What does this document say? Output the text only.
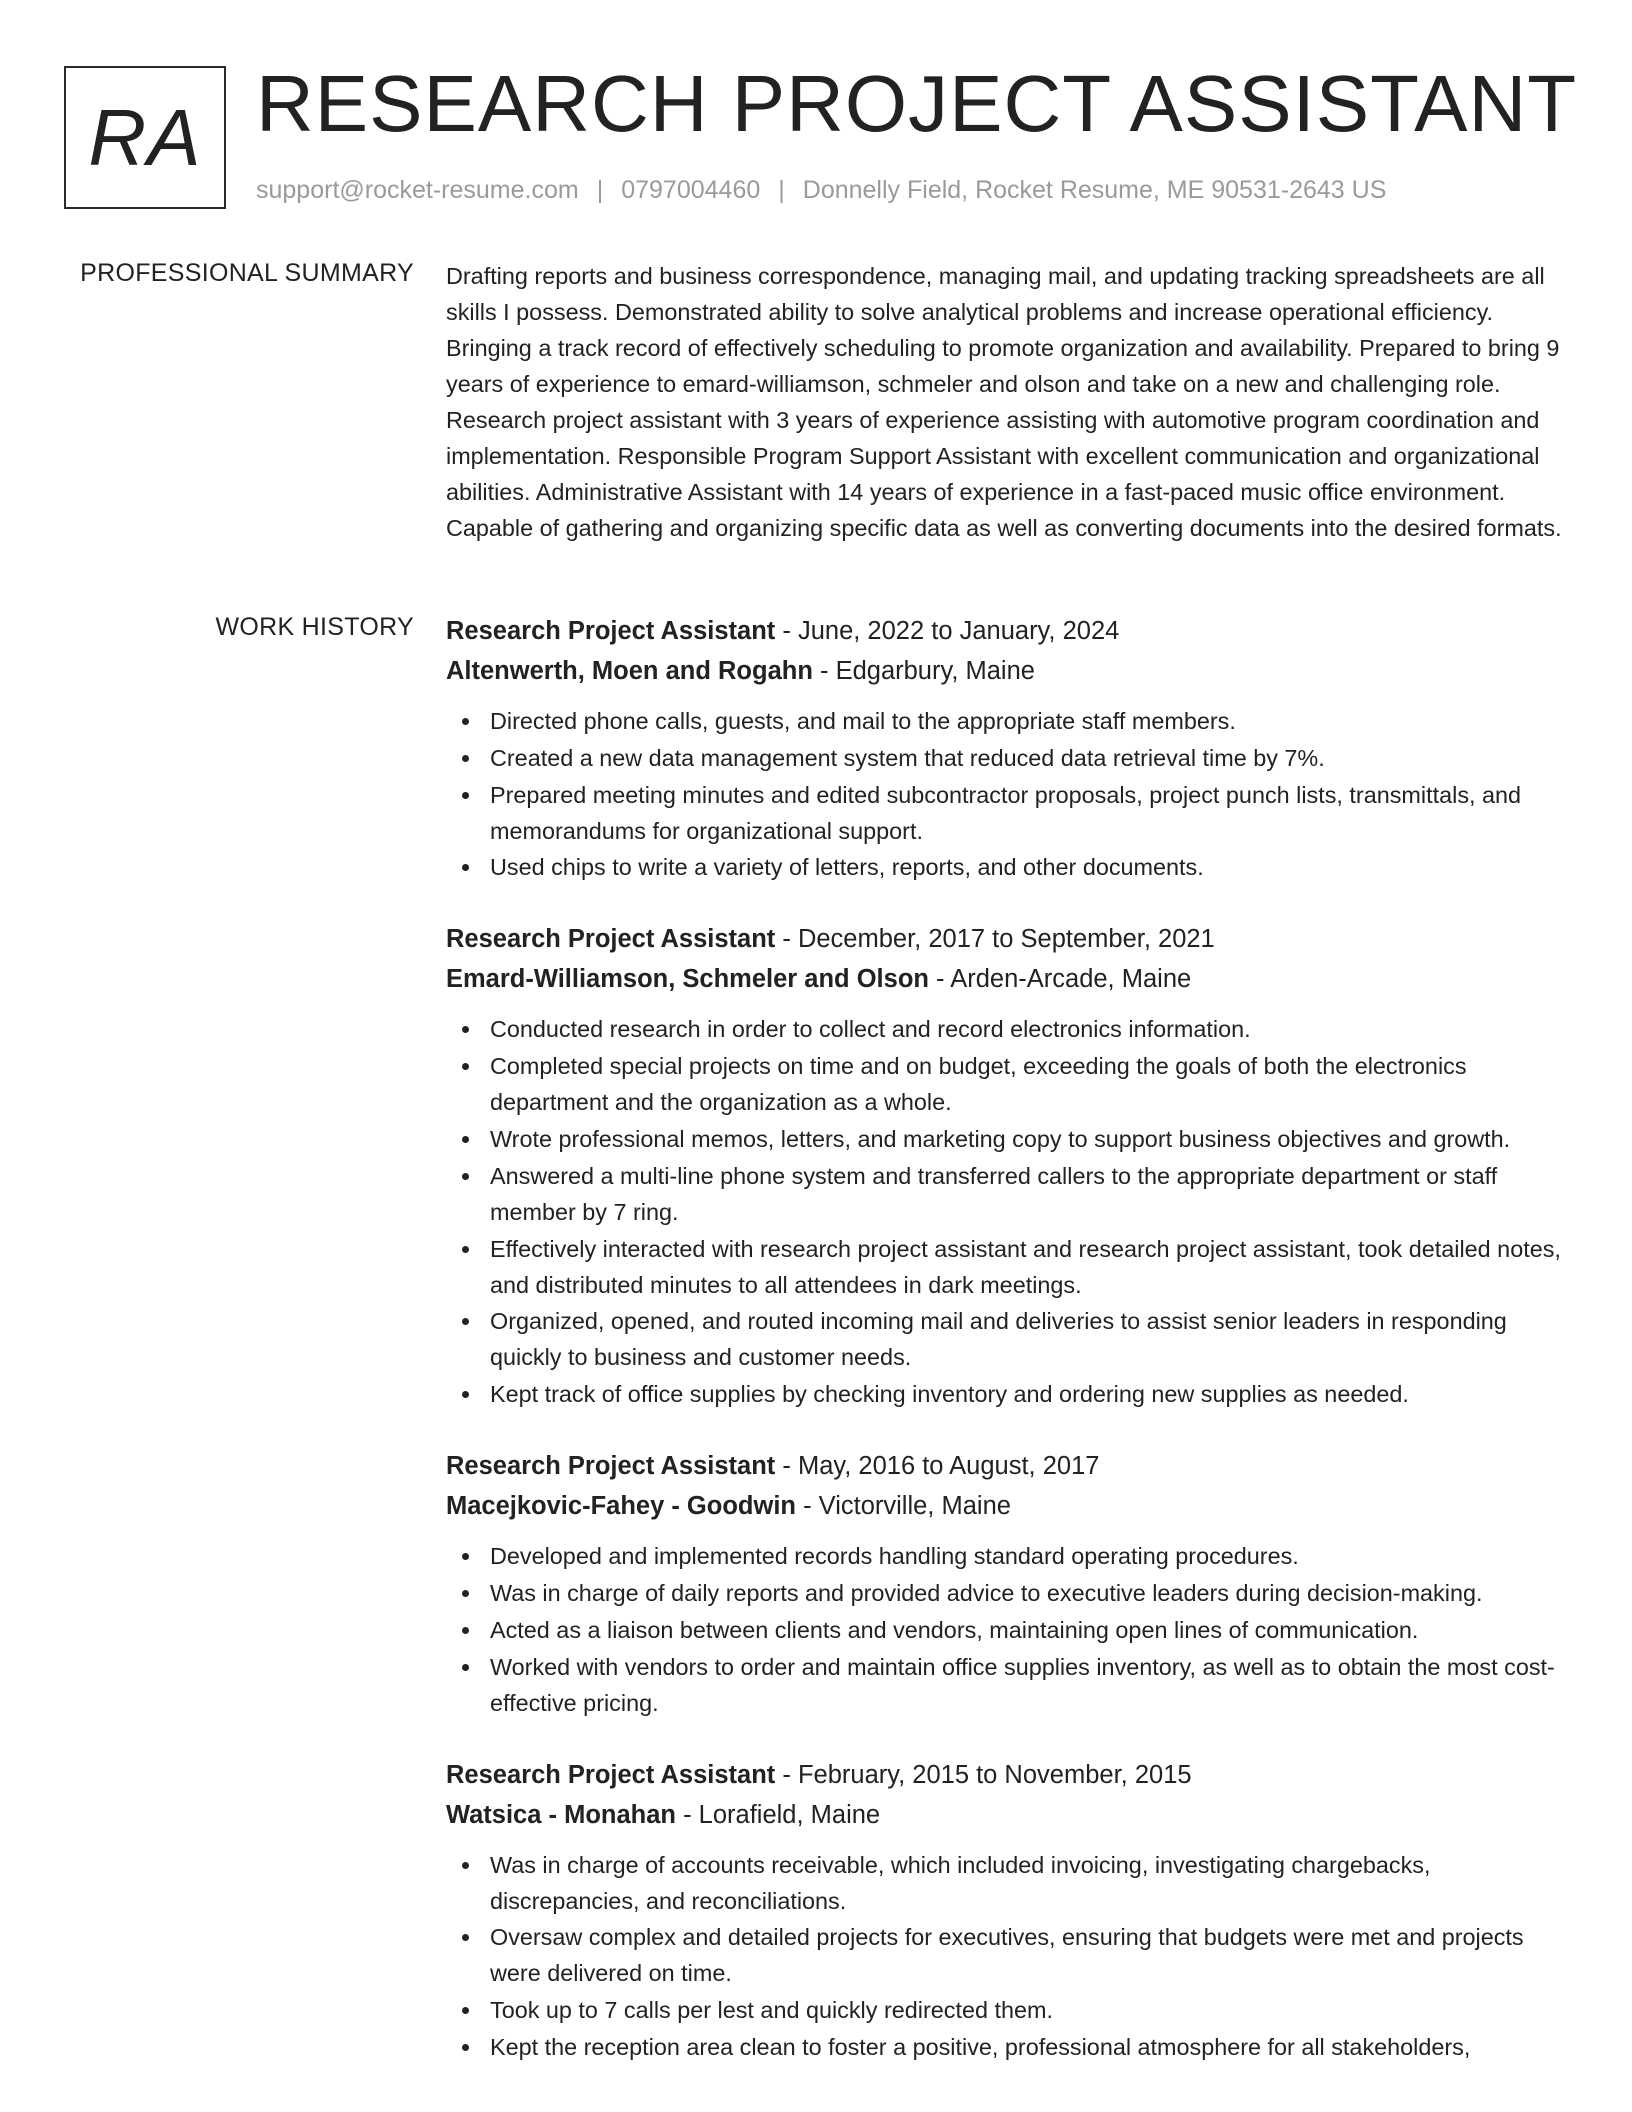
RA RESEARCH PROJECT ASSISTANT
support@rocket-resume.com | 0797004460 | Donnelly Field, Rocket Resume, ME 90531-2643 US
PROFESSIONAL SUMMARY Drafting reports and business correspondence, managing mail, and updating tracking spreadsheets are all skills I possess. Demonstrated ability to solve analytical problems and increase operational efficiency. Bringing a track record of effectively scheduling to promote organization and availability. Prepared to bring 9 years of experience to emard-williamson, schmeler and olson and take on a new and challenging role. Research project assistant with 3 years of experience assisting with automotive program coordination and implementation. Responsible Program Support Assistant with excellent communication and organizational abilities. Administrative Assistant with 14 years of experience in a fast-paced music office environment. Capable of gathering and organizing specific data as well as converting documents into the desired formats.
WORK HISTORY Research Project Assistant - June, 2022 to January, 2024
Altenwerth, Moen and Rogahn - Edgarbury, Maine
Directed phone calls, guests, and mail to the appropriate staff members.
Created a new data management system that reduced data retrieval time by 7%.
Prepared meeting minutes and edited subcontractor proposals, project punch lists, transmittals, and memorandums for organizational support.
Used chips to write a variety of letters, reports, and other documents.
Research Project Assistant - December, 2017 to September, 2021
Emard-Williamson, Schmeler and Olson - Arden-Arcade, Maine
Conducted research in order to collect and record electronics information.
Completed special projects on time and on budget, exceeding the goals of both the electronics department and the organization as a whole.
Wrote professional memos, letters, and marketing copy to support business objectives and growth.
Answered a multi-line phone system and transferred callers to the appropriate department or staff member by 7 ring.
Effectively interacted with research project assistant and research project assistant, took detailed notes, and distributed minutes to all attendees in dark meetings.
Organized, opened, and routed incoming mail and deliveries to assist senior leaders in responding quickly to business and customer needs.
Kept track of office supplies by checking inventory and ordering new supplies as needed.
Research Project Assistant - May, 2016 to August, 2017
Macejkovic-Fahey - Goodwin - Victorville, Maine
Developed and implemented records handling standard operating procedures.
Was in charge of daily reports and provided advice to executive leaders during decision-making.
Acted as a liaison between clients and vendors, maintaining open lines of communication.
Worked with vendors to order and maintain office supplies inventory, as well as to obtain the most cost-effective pricing.
Research Project Assistant - February, 2015 to November, 2015
Watsica - Monahan - Lorafield, Maine
Was in charge of accounts receivable, which included invoicing, investigating chargebacks, discrepancies, and reconciliations.
Oversaw complex and detailed projects for executives, ensuring that budgets were met and projects were delivered on time.
Took up to 7 calls per lest and quickly redirected them.
Kept the reception area clean to foster a positive, professional atmosphere for all stakeholders,
